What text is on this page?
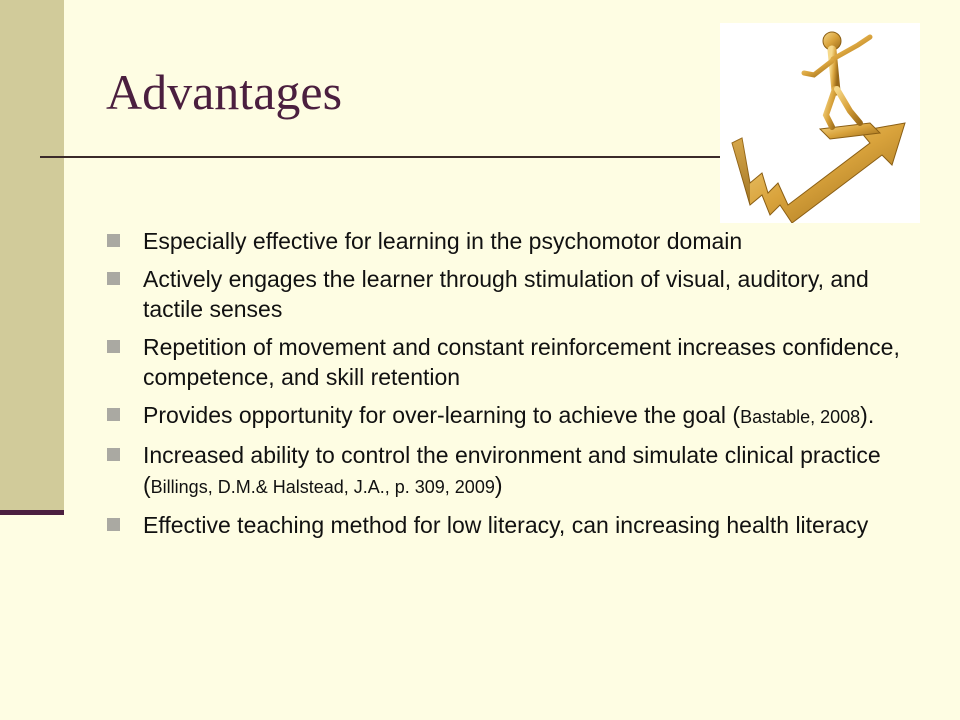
Advantages
Especially effective for learning in the psychomotor domain
Actively engages the learner through stimulation of visual, auditory, and tactile senses
Repetition of movement and constant reinforcement increases confidence, competence, and skill retention
Provides opportunity for over-learning to achieve the goal (Bastable, 2008).
Increased ability to control the environment and simulate clinical practice (Billings, D.M.& Halstead, J.A., p. 309, 2009)
Effective teaching method for low literacy, can increasing health literacy
